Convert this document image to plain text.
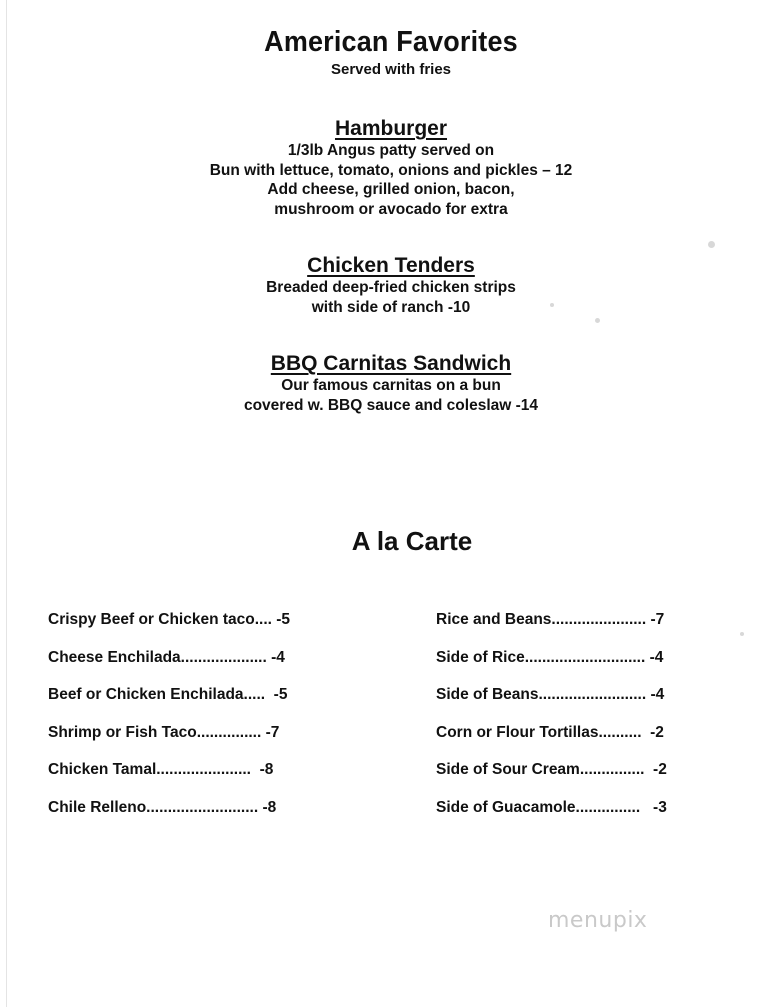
American Favorites
Served with fries
Hamburger
1/3lb Angus patty served on
Bun with lettuce, tomato, onions and pickles – 12
Add cheese, grilled onion, bacon,
mushroom or avocado for extra
Chicken Tenders
Breaded deep-fried chicken strips
with side of ranch -10
BBQ Carnitas Sandwich
Our famous carnitas on a bun
covered w. BBQ sauce and coleslaw -14
A la Carte
Crispy Beef or Chicken taco.... -5
Cheese Enchilada.................... -4
Beef or Chicken Enchilada.....  -5
Shrimp or Fish Taco............... -7
Chicken Tamal......................  -8
Chile Relleno.......................... -8
Rice and Beans...................... -7
Side of Rice............................ -4
Side of Beans......................... -4
Corn or Flour Tortillas..........  -2
Side of Sour Cream...............  -2
Side of Guacamole...............   -3
menupix
